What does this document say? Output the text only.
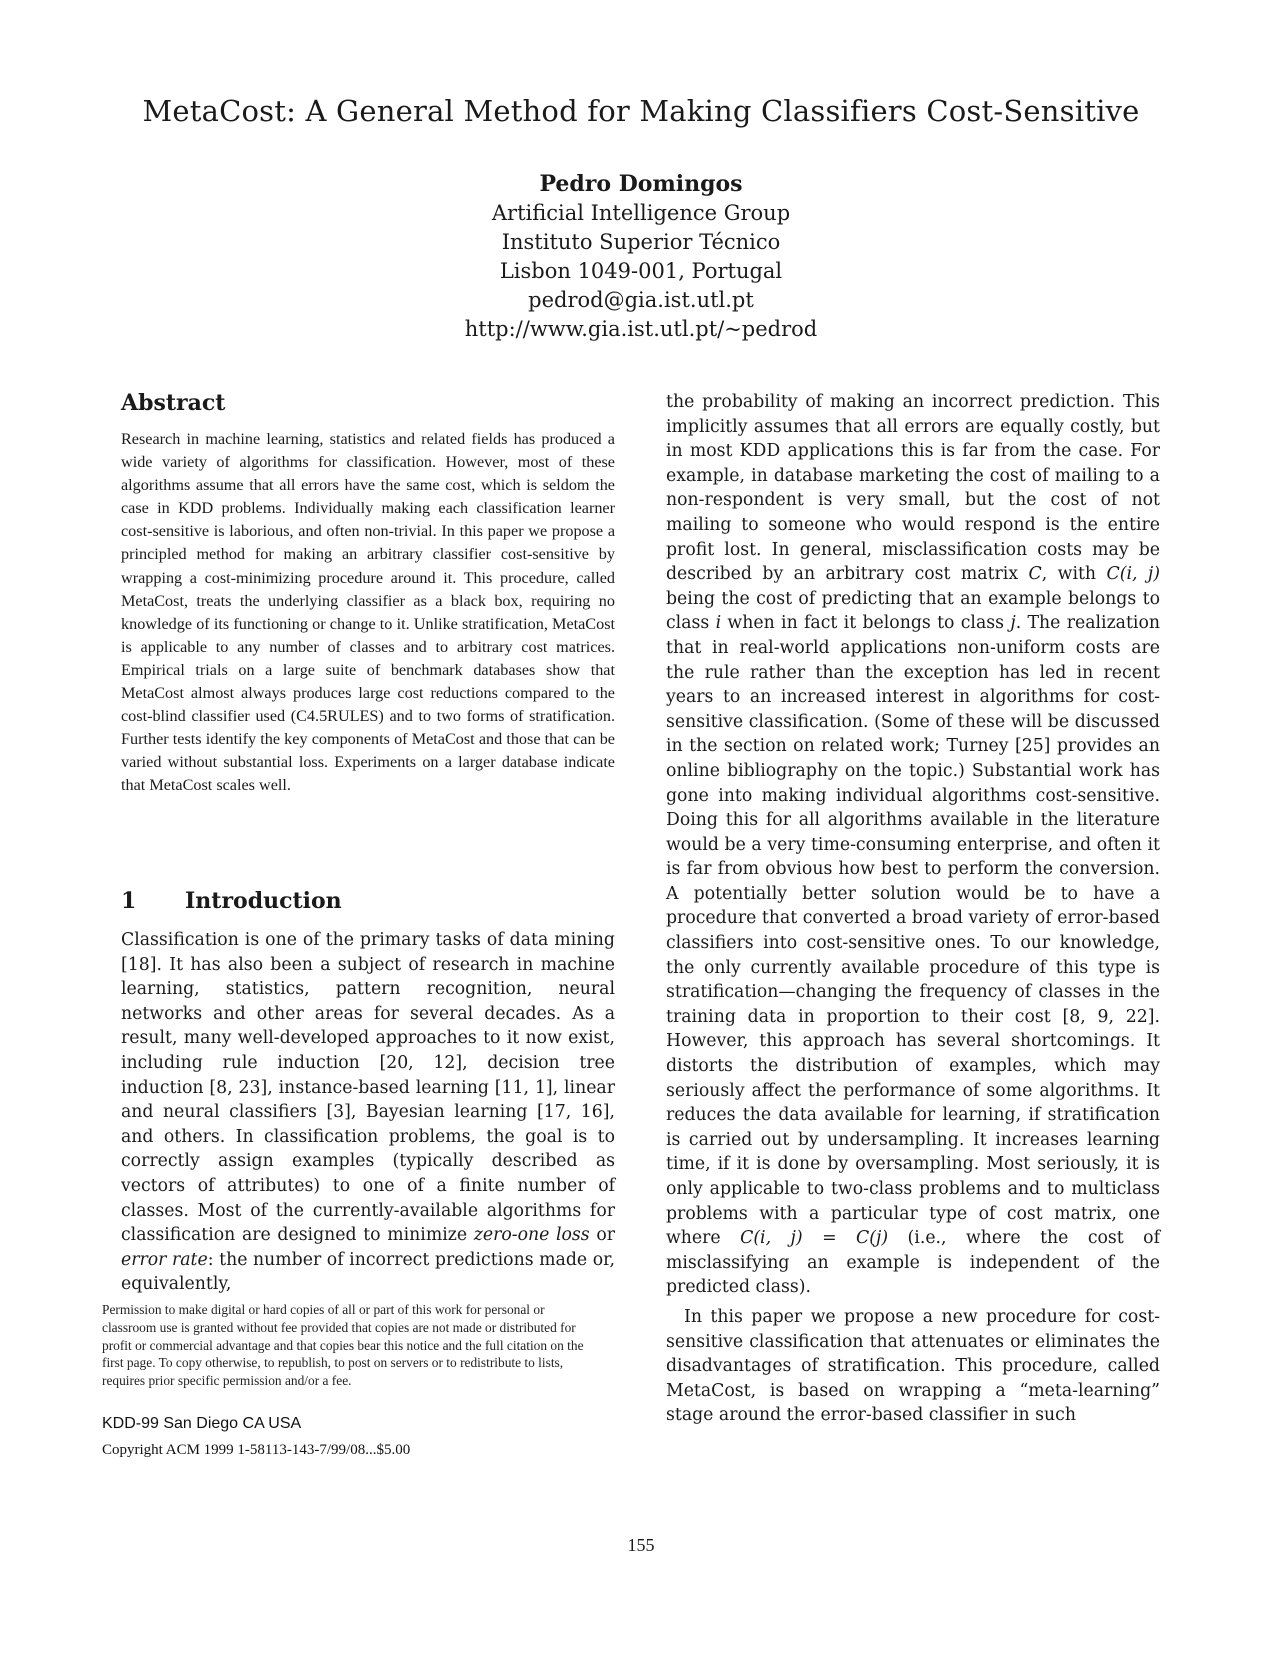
MetaCost: A General Method for Making Classifiers Cost-Sensitive
Pedro Domingos
Artificial Intelligence Group
Instituto Superior Técnico
Lisbon 1049-001, Portugal
pedrod@gia.ist.utl.pt
http://www.gia.ist.utl.pt/~pedrod
Abstract

Research in machine learning, statistics and related fields has produced a wide variety of algorithms for classification. However, most of these algorithms assume that all errors have the same cost, which is seldom the case in KDD problems. Individually making each classification learner cost-sensitive is laborious, and often non-trivial. In this paper we propose a principled method for making an arbitrary classifier cost-sensitive by wrapping a cost-minimizing procedure around it. This procedure, called MetaCost, treats the underlying classifier as a black box, requiring no knowledge of its functioning or change to it. Unlike stratification, MetaCost is applicable to any number of classes and to arbitrary cost matrices. Empirical trials on a large suite of benchmark databases show that MetaCost almost always produces large cost reductions compared to the cost-blind classifier used (C4.5RULES) and to two forms of stratification. Further tests identify the key components of MetaCost and those that can be varied without substantial loss. Experiments on a larger database indicate that MetaCost scales well.

1 Introduction

Classification is one of the primary tasks of data mining [18]. It has also been a subject of research in machine learning, statistics, pattern recognition, neural networks and other areas for several decades. As a result, many well-developed approaches to it now exist, including rule induction [20, 12], decision tree induction [8, 23], instance-based learning [11, 1], linear and neural classifiers [3], Bayesian learning [17, 16], and others. In classification problems, the goal is to correctly assign examples (typically described as vectors of attributes) to one of a finite number of classes. Most of the currently-available algorithms for classification are designed to minimize zero-one loss or error rate: the number of incorrect predictions made or, equivalently,

Permission to make digital or hard copies of all or part of this work for personal or classroom use is granted without fee provided that copies are not made or distributed for profit or commercial advantage and that copies bear this notice and the full citation on the first page. To copy otherwise, to republish, to post on servers or to redistribute to lists, requires prior specific permission and/or a fee.

KDD-99 San Diego CA USA

Copyright ACM 1999 1-58113-143-7/99/08...$5.00

the probability of making an incorrect prediction. This implicitly assumes that all errors are equally costly, but in most KDD applications this is far from the case. For example, in database marketing the cost of mailing to a non-respondent is very small, but the cost of not mailing to someone who would respond is the entire profit lost. In general, misclassification costs may be described by an arbitrary cost matrix C, with C(i, j) being the cost of predicting that an example belongs to class i when in fact it belongs to class j. The realization that in real-world applications non-uniform costs are the rule rather than the exception has led in recent years to an increased interest in algorithms for cost-sensitive classification. (Some of these will be discussed in the section on related work; Turney [25] provides an online bibliography on the topic.) Substantial work has gone into making individual algorithms cost-sensitive. Doing this for all algorithms available in the literature would be a very time-consuming enterprise, and often it is far from obvious how best to perform the conversion. A potentially better solution would be to have a procedure that converted a broad variety of error-based classifiers into cost-sensitive ones. To our knowledge, the only currently available procedure of this type is stratification—changing the frequency of classes in the training data in proportion to their cost [8, 9, 22]. However, this approach has several shortcomings. It distorts the distribution of examples, which may seriously affect the performance of some algorithms. It reduces the data available for learning, if stratification is carried out by undersampling. It increases learning time, if it is done by oversampling. Most seriously, it is only applicable to two-class problems and to multiclass problems with a particular type of cost matrix, one where C(i, j) = C(j) (i.e., where the cost of misclassifying an example is independent of the predicted class).

In this paper we propose a new procedure for cost-sensitive classification that attenuates or eliminates the disadvantages of stratification. This procedure, called MetaCost, is based on wrapping a “meta-learning” stage around the error-based classifier in such

155
